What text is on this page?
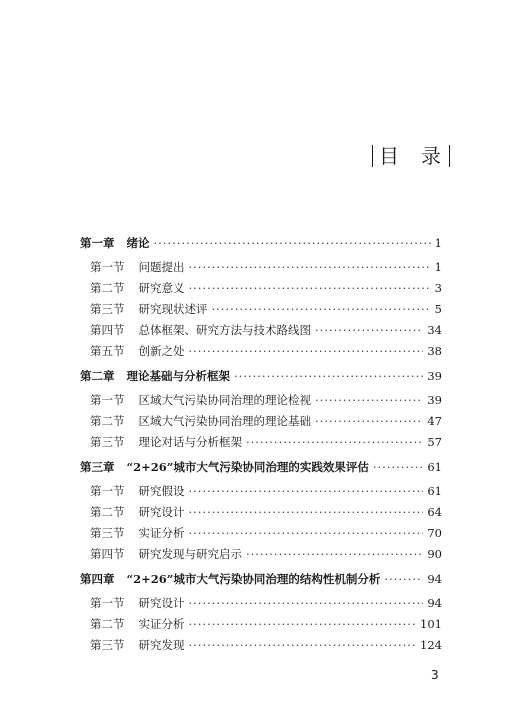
目 录
第一章 绪论 ·····	1
第一节 问题提出 ·····	1
第二节 研究意义 ·····	3
第三节 研究现状述评 ·····	5
第四节 总体框架、研究方法与技术路线图 ·····	34
第五节 创新之处 ·····	38
第二章 理论基础与分析框架 ·····	39
第一节 区域大气污染协同治理的理论检视 ·····	39
第二节 区域大气污染协同治理的理论基础 ·····	47
第三节 理论对话与分析框架 ·····	57
第三章 “2+26”城市大气污染协同治理的实践效果评估 ·····	61
第一节 研究假设 ·····	61
第二节 研究设计 ·····	64
第三节 实证分析 ·····	70
第四节 研究发现与研究启示 ·····	90
第四章 “2+26”城市大气污染协同治理的结构性机制分析 ·····	94
第一节 研究设计 ·····	94
第二节 实证分析 ·····	101
第三节 研究发现 ·····	124
3
